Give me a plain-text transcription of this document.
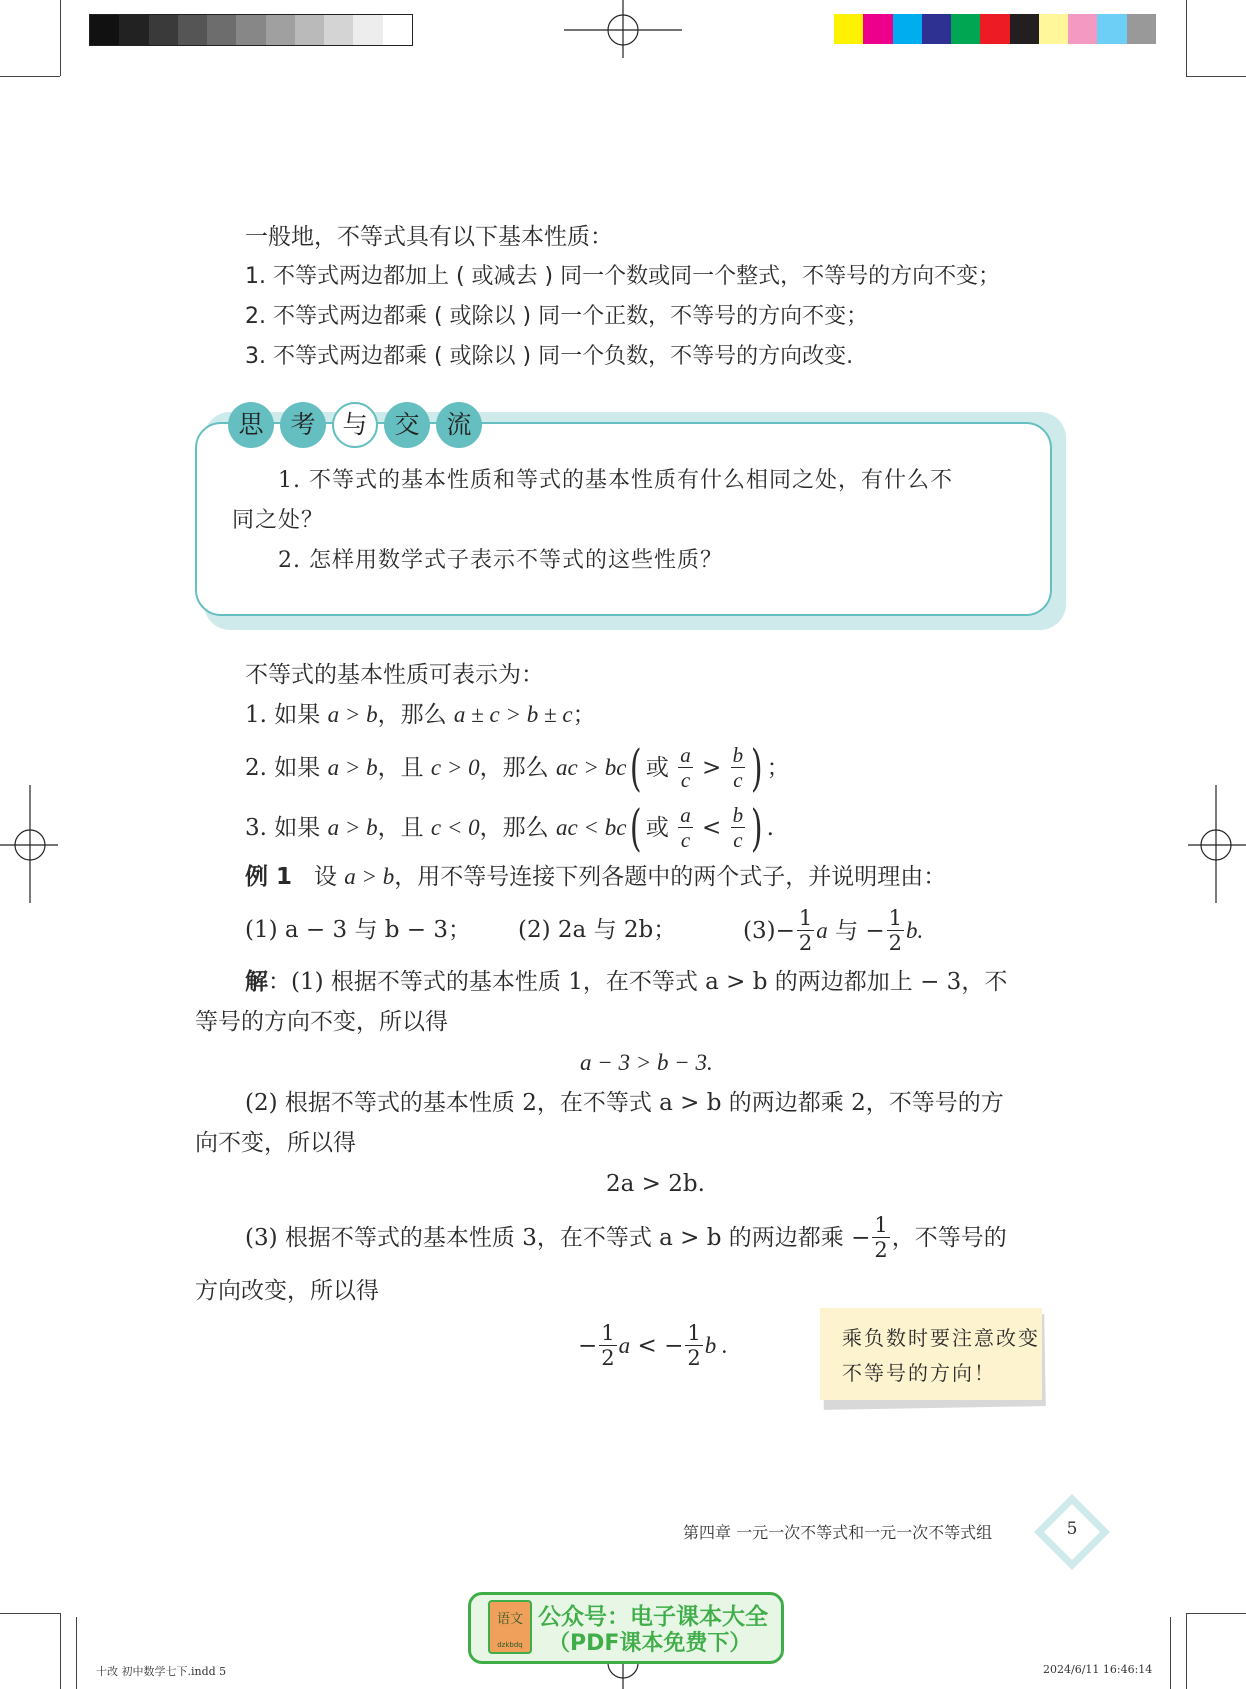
一般地，不等式具有以下基本性质：
1. 不等式两边都加上 ( 或减去 ) 同一个数或同一个整式，不等号的方向不变；
2. 不等式两边都乘 ( 或除以 ) 同一个正数，不等号的方向不变；
3. 不等式两边都乘 ( 或除以 ) 同一个负数，不等号的方向改变.
思	考	与	交	流
1. 不等式的基本性质和等式的基本性质有什么相同之处，有什么不
同之处？
2. 怎样用数学式子表示不等式的这些性质？
不等式的基本性质可表示为：
1. 如果 a > b，那么 a ± c > b ± c；
2. 如果
a > b ，且
c > 0 ，那么
ac > bc ( 或
$\frac{a}{c}$
>
$\frac{b}{c}$ ) ；
3. 如果
a > b ，且
c < 0 ，那么
ac < bc ( 或
$\frac{a}{c}$
<
$\frac{b}{c}$ ) .
例 1 设 a > b，用不等号连接下列各题中的两个式子，并说明理由：
(1) a − 3 与 b − 3； (2) 2a 与 2b；	$(3) - \frac{1}{2}$ a
与
− $\frac{1}{2} b$.
解：(1) 根据不等式的基本性质 1，在不等式 a > b 的两边都加上 − 3，不
等号的方向不变，所以得
a − 3 > b − 3.
(2) 根据不等式的基本性质 2，在不等式 a > b 的两边都乘 2，不等号的方
向不变，所以得
2a > 2b.
(3) 根据不等式的基本性质 3，在不等式 a > b 的两边都乘
− $\frac{1}{2}$ ，不等号的
方向改变，所以得
− $\frac{1}{2}$ a
<
− $\frac{1}{2}$ b .	乘负数时要注意改变
不等号的方向！
第四章 一元一次不等式和一元一次不等式组	5
语文
dzkbdq
公众号：电子课本大全
（PDF课本免费下）
十改 初中数学七下.indd 5	2024/6/11 16:46:14
